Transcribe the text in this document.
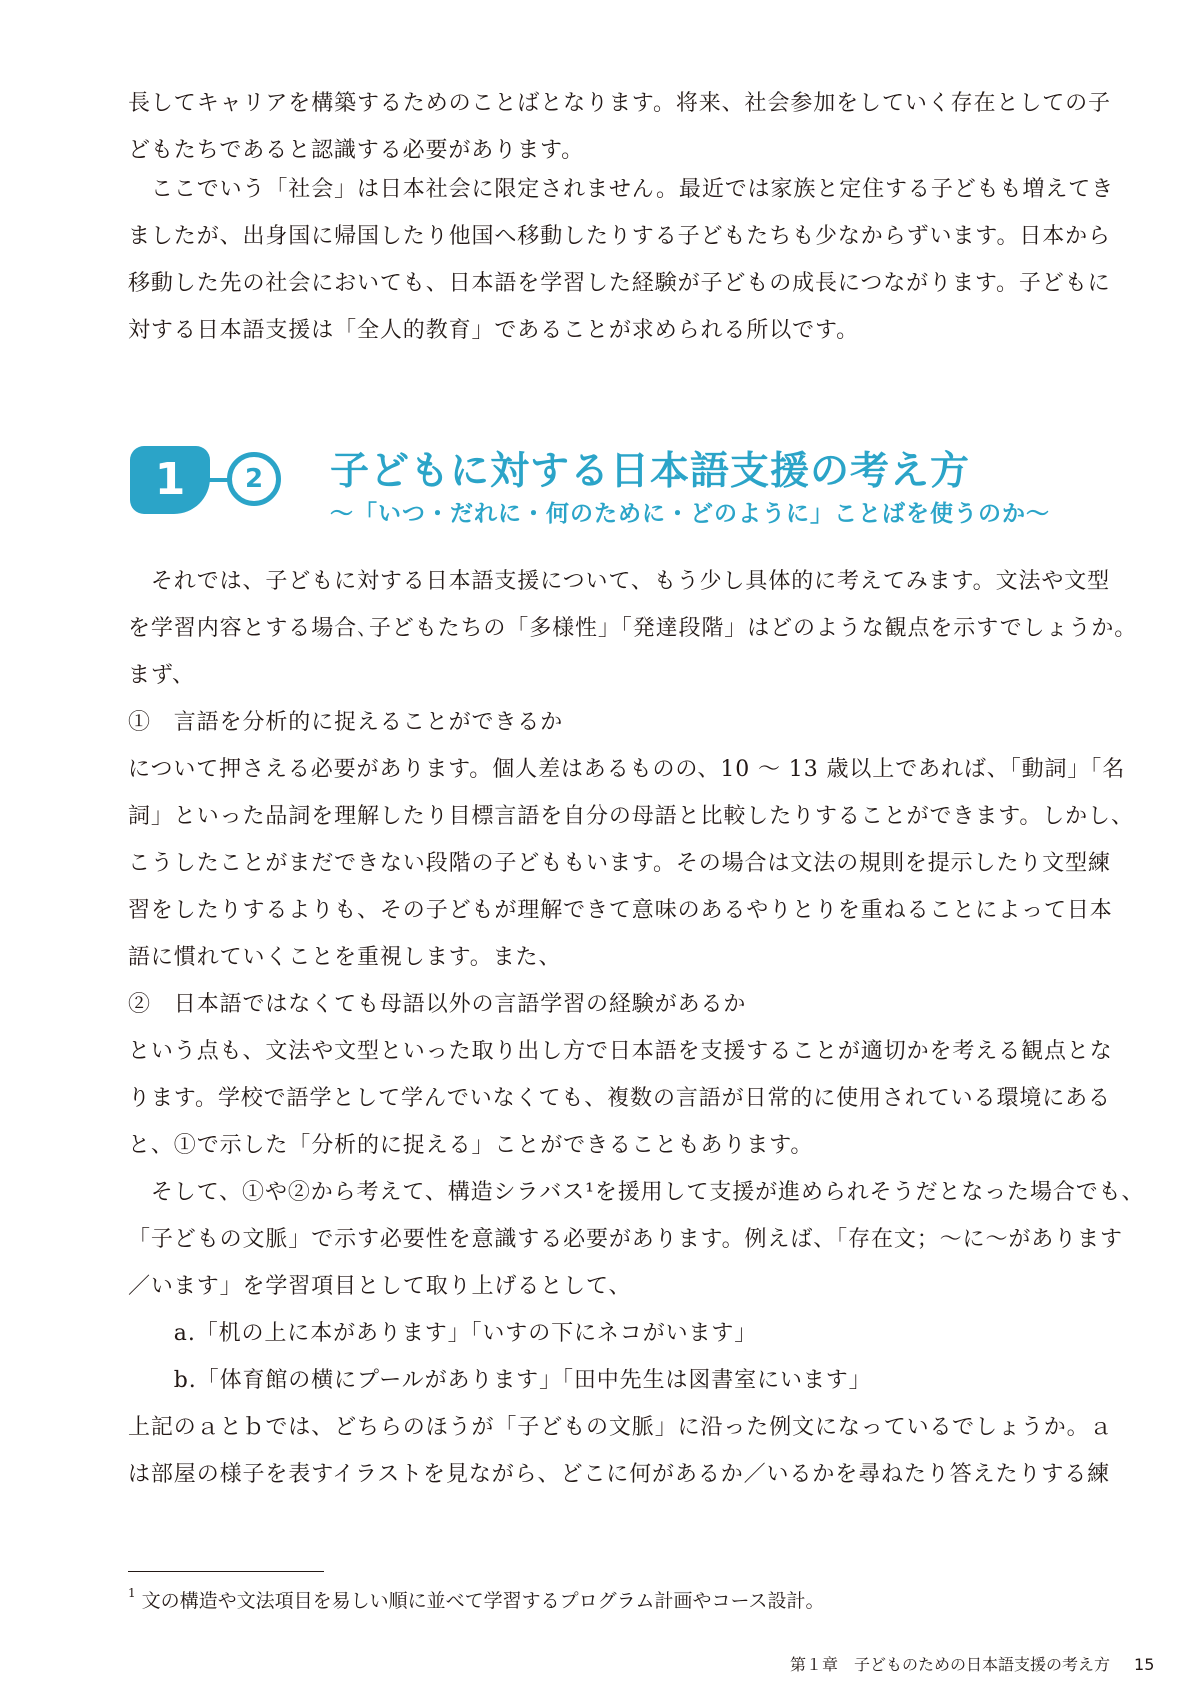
長してキャリアを構築するためのことばとなります。将来、社会参加をしていく存在としての子
どもたちであると認識する必要があります。
　ここでいう「社会」は日本社会に限定されません。最近では家族と定住する子どもも増えてき
ましたが、出身国に帰国したり他国へ移動したりする子どもたちも少なからずいます。日本から
移動した先の社会においても、日本語を学習した経験が子どもの成長につながります。子どもに
対する日本語支援は「全人的教育」であることが求められる所以です。
1	2	子どもに対する日本語支援の考え方
〜「いつ・だれに・何のために・どのように」ことばを使うのか〜
　それでは、子どもに対する日本語支援について、もう少し具体的に考えてみます。文法や文型
を学習内容とする場合､子どもたちの「多様性」「発達段階」はどのような観点を示すでしょうか。
まず、
①　言語を分析的に捉えることができるか
について押さえる必要があります。個人差はあるものの、10 〜 13 歳以上であれば、「動詞」「名
詞」といった品詞を理解したり目標言語を自分の母語と比較したりすることができます。しかし、
こうしたことがまだできない段階の子どももいます。その場合は文法の規則を提示したり文型練
習をしたりするよりも、その子どもが理解できて意味のあるやりとりを重ねることによって日本
語に慣れていくことを重視します。また、
②　日本語ではなくても母語以外の言語学習の経験があるか
という点も、文法や文型といった取り出し方で日本語を支援することが適切かを考える観点とな
ります。学校で語学として学んでいなくても、複数の言語が日常的に使用されている環境にある
と、①で示した「分析的に捉える」ことができることもあります。
　そして、①や②から考えて、構造シラバス¹を援用して支援が進められそうだとなった場合でも、
「子どもの文脈」で示す必要性を意識する必要があります。例えば、「存在文；〜に〜があります
／います」を学習項目として取り上げるとして、
　　a.「机の上に本があります」「いすの下にネコがいます」
　　b.「体育館の横にプールがあります」「田中先生は図書室にいます」
上記のａとｂでは、どちらのほうが「子どもの文脈」に沿った例文になっているでしょうか。ａ
は部屋の様子を表すイラストを見ながら、どこに何があるか／いるかを尋ねたり答えたりする練
$^1$ 文の構造や文法項目を易しい順に並べて学習するプログラム計画やコース設計。
第１章　子どものための日本語支援の考え方 15
